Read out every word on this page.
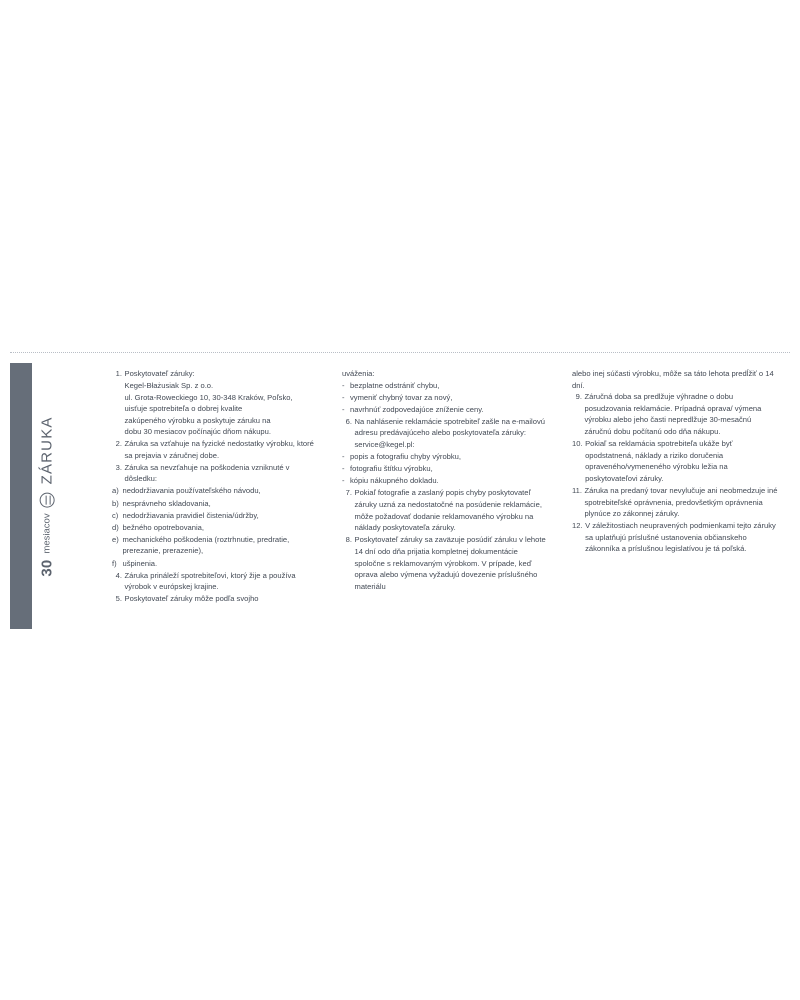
30
mesiacov
ZÁRUKA

1. Poskytovateľ záruky:

Kegel-Błażusiak Sp. z o.o.

ul. Grota-Roweckiego 10, 30-348 Kraków, Poľsko,

uisťuje spotrebiteľa o dobrej kvalite

zakúpeného výrobku a poskytuje záruku na

dobu 30 mesiacov počínajúc dňom nákupu.

2. Záruka sa vzťahuje na fyzické nedostatky výrobku, ktoré sa prejavia v záručnej dobe.

3. Záruka sa nevzťahuje na poškodenia vzniknuté v dôsledku:

a) nedodržiavania používateľského návodu,

b) nesprávneho skladovania,

c) nedodržiavania pravidiel čistenia/údržby,

d) bežného opotrebovania,

e) mechanického poškodenia (roztrhnutie, predratie, prerezanie, prerazenie),

f) ušpinenia.

4. Záruka prináleží spotrebiteľovi, ktorý žije a používa výrobok v európskej krajine.

5. Poskytovateľ záruky môže podľa svojho

uváženia:

- bezplatne odstrániť chybu,

- vymeniť chybný tovar za nový,

- navrhnúť zodpovedajúce zníženie ceny.

6. Na nahlásenie reklamácie spotrebiteľ zašle na e-mailovú adresu predávajúceho alebo poskytovateľa záruky: service@kegel.pl:

- popis a fotografiu chyby výrobku,

- fotografiu štítku výrobku,

- kópiu nákupného dokladu.

7. Pokiaľ fotografie a zaslaný popis chyby poskytovateľ záruky uzná za nedostatočné na posúdenie reklamácie, môže požadovať dodanie reklamovaného výrobku na náklady poskytovateľa záruky.

8. Poskytovateľ záruky sa zaväzuje posúdiť záruku v lehote 14 dní odo dňa prijatia kompletnej dokumentácie spoločne s reklamovaným výrobkom. V prípade, keď oprava alebo výmena vyžadujú dovezenie príslušného materiálu

alebo inej súčasti výrobku, môže sa táto lehota predĺžiť o 14 dní.

9. Záručná doba sa predlžuje výhradne o dobu posudzovania reklamácie. Prípadná oprava/ výmena výrobku alebo jeho časti nepredlžuje 30-mesačnú záručnú dobu počítanú odo dňa nákupu.

10. Pokiaľ sa reklamácia spotrebiteľa ukáže byť opodstatnená, náklady a riziko doručenia opraveného/vymeneného výrobku ležia na poskytovateľovi záruky.

11. Záruka na predaný tovar nevylučuje ani neobmedzuje iné spotrebiteľské oprávnenia, predovšetkým oprávnenia plynúce zo zákonnej záruky.

12. V záležitostiach neupravených podmienkami tejto záruky sa uplatňujú príslušné ustanovenia občianskeho zákonníka a príslušnou legislatívou je tá poľská.
